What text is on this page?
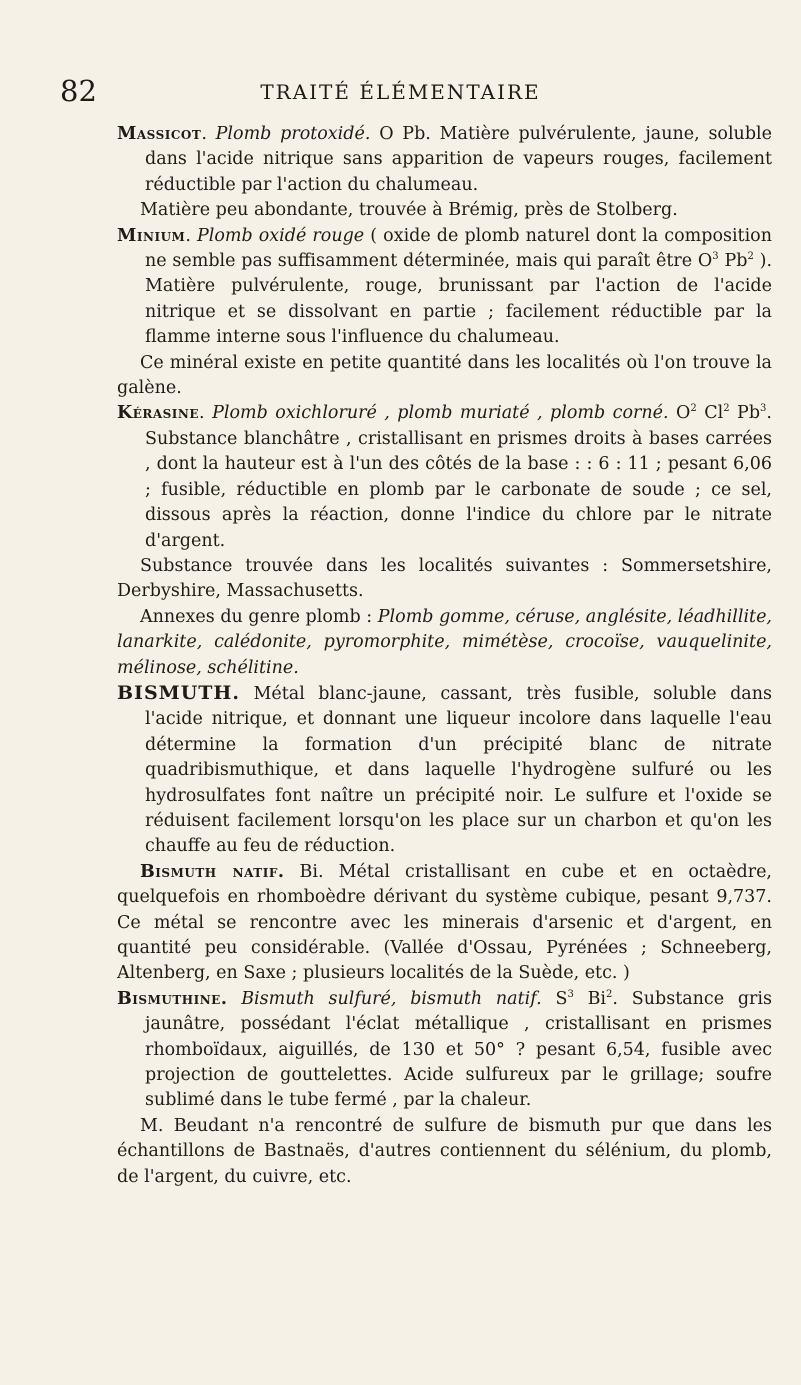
82	TRAITÉ ÉLÉMENTAIRE

Massicot. Plomb protoxidé. O Pb. Matière pulvérulente, jaune, soluble dans l'acide nitrique sans apparition de vapeurs rouges, facilement réductible par l'action du chalumeau.

Matière peu abondante, trouvée à Brémig, près de Stolberg.

Minium. Plomb oxidé rouge ( oxide de plomb naturel dont la composition ne semble pas suffisamment déterminée, mais qui paraît être $O^3$ Pb$^2$ ). Matière pulvérulente, rouge, brunissant par l'action de l'acide nitrique et se dissolvant en partie ; facilement réductible par la flamme interne sous l'influence du chalumeau.

Ce minéral existe en petite quantité dans les localités où l'on trouve la galène.

Kérasine. Plomb oxichloruré , plomb muriaté , plomb corné. $O^2$ Cl$^2$ Pb$^3$. Substance blanchâtre , cristallisant en prismes droits à bases carrées , dont la hauteur est à l'un des côtés de la base : : 6 : 11 ; pesant 6,06 ; fusible, réductible en plomb par le carbonate de soude ; ce sel, dissous après la réaction, donne l'indice du chlore par le nitrate d'argent.

Substance trouvée dans les localités suivantes : Sommersetshire, Derbyshire, Massachusetts.

Annexes du genre plomb : Plomb gomme, céruse, anglésite, léadhillite, lanarkite, calédonite, pyromorphite, mimétèse, crocoïse, vauquelinite, mélinose, schélitine.

BISMUTH. Métal blanc-jaune, cassant, très fusible, soluble dans l'acide nitrique, et donnant une liqueur incolore dans laquelle l'eau détermine la formation d'un précipité blanc de nitrate quadribismuthique, et dans laquelle l'hydrogène sulfuré ou les hydrosulfates font naître un précipité noir. Le sulfure et l'oxide se réduisent facilement lorsqu'on les place sur un charbon et qu'on les chauffe au feu de réduction.

Bismuth natif. Bi. Métal cristallisant en cube et en octaèdre, quelquefois en rhomboèdre dérivant du système cubique, pesant 9,737. Ce métal se rencontre avec les minerais d'arsenic et d'argent, en quantité peu considérable. (Vallée d'Ossau, Pyrénées ; Schneeberg, Altenberg, en Saxe ; plusieurs localités de la Suède, etc. )

Bismuthine. Bismuth sulfuré, bismuth natif. $S^3$ Bi$^2$. Substance gris jaunâtre, possédant l'éclat métallique , cristallisant en prismes rhomboïdaux, aiguillés, de 130 et 50° ? pesant 6,54, fusible avec projection de gouttelettes. Acide sulfureux par le grillage; soufre sublimé dans le tube fermé , par la chaleur.

M. Beudant n'a rencontré de sulfure de bismuth pur que dans les échantillons de Bastnaës, d'autres contiennent du sélénium, du plomb, de l'argent, du cuivre, etc.
